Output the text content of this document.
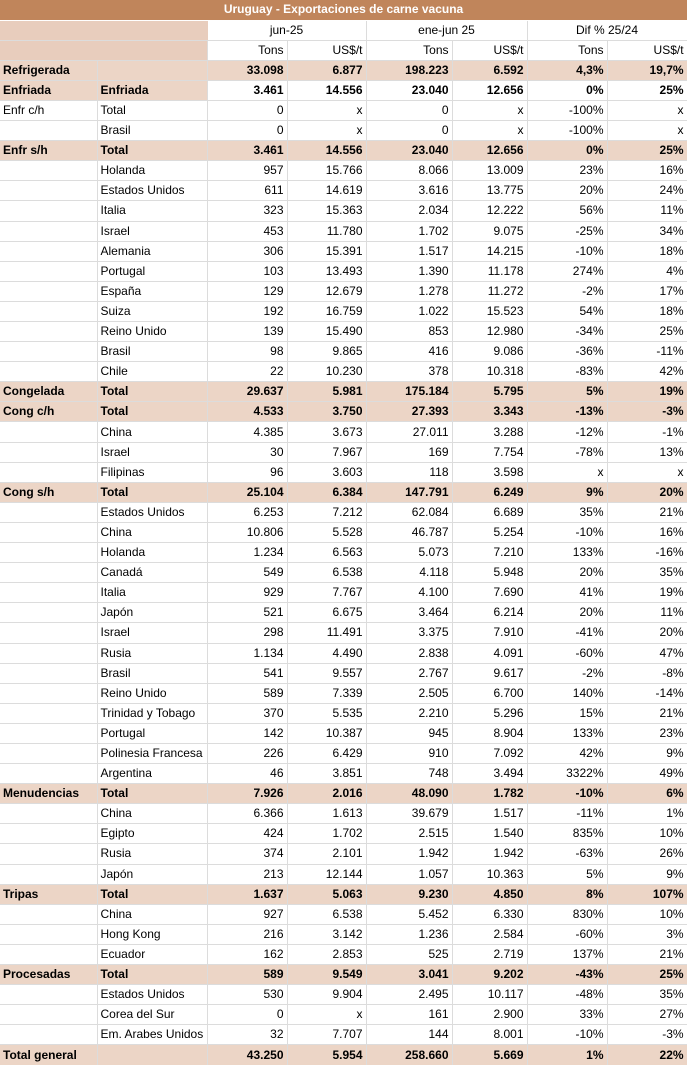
Uruguay - Exportaciones de carne vacuna							
		jun-25		ene-jun 25		Dif % 25/24	
		Tons	US$/t	Tons	US$/t	Tons	US$/t
Refrigerada		33.098	6.877	198.223	6.592	4,3%	19,7%
Enfriada	Enfriada	3.461	14.556	23.040	12.656	0%	25%
Enfr c/h	Total	0	x	0	x	-100%	x
	Brasil	0	x	0	x	-100%	x
Enfr s/h	Total	3.461	14.556	23.040	12.656	0%	25%
	Holanda	957	15.766	8.066	13.009	23%	16%
	Estados Unidos	611	14.619	3.616	13.775	20%	24%
	Italia	323	15.363	2.034	12.222	56%	11%
	Israel	453	11.780	1.702	9.075	-25%	34%
	Alemania	306	15.391	1.517	14.215	-10%	18%
	Portugal	103	13.493	1.390	11.178	274%	4%
	España	129	12.679	1.278	11.272	-2%	17%
	Suiza	192	16.759	1.022	15.523	54%	18%
	Reino Unido	139	15.490	853	12.980	-34%	25%
	Brasil	98	9.865	416	9.086	-36%	-11%
	Chile	22	10.230	378	10.318	-83%	42%
Congelada	Total	29.637	5.981	175.184	5.795	5%	19%
Cong c/h	Total	4.533	3.750	27.393	3.343	-13%	-3%
	China	4.385	3.673	27.011	3.288	-12%	-1%
	Israel	30	7.967	169	7.754	-78%	13%
	Filipinas	96	3.603	118	3.598	x	x
Cong s/h	Total	25.104	6.384	147.791	6.249	9%	20%
	Estados Unidos	6.253	7.212	62.084	6.689	35%	21%
	China	10.806	5.528	46.787	5.254	-10%	16%
	Holanda	1.234	6.563	5.073	7.210	133%	-16%
	Canadá	549	6.538	4.118	5.948	20%	35%
	Italia	929	7.767	4.100	7.690	41%	19%
	Japón	521	6.675	3.464	6.214	20%	11%
	Israel	298	11.491	3.375	7.910	-41%	20%
	Rusia	1.134	4.490	2.838	4.091	-60%	47%
	Brasil	541	9.557	2.767	9.617	-2%	-8%
	Reino Unido	589	7.339	2.505	6.700	140%	-14%
	Trinidad y Tobago	370	5.535	2.210	5.296	15%	21%
	Portugal	142	10.387	945	8.904	133%	23%
	Polinesia Francesa	226	6.429	910	7.092	42%	9%
	Argentina	46	3.851	748	3.494	3322%	49%
Menudencias	Total	7.926	2.016	48.090	1.782	-10%	6%
	China	6.366	1.613	39.679	1.517	-11%	1%
	Egipto	424	1.702	2.515	1.540	835%	10%
	Rusia	374	2.101	1.942	1.942	-63%	26%
	Japón	213	12.144	1.057	10.363	5%	9%
Tripas	Total	1.637	5.063	9.230	4.850	8%	107%
	China	927	6.538	5.452	6.330	830%	10%
	Hong Kong	216	3.142	1.236	2.584	-60%	3%
	Ecuador	162	2.853	525	2.719	137%	21%
Procesadas	Total	589	9.549	3.041	9.202	-43%	25%
	Estados Unidos	530	9.904	2.495	10.117	-48%	35%
	Corea del Sur	0	x	161	2.900	33%	27%
	Em. Arabes Unidos	32	7.707	144	8.001	-10%	-3%
Total general		43.250	5.954	258.660	5.669	1%	22%
